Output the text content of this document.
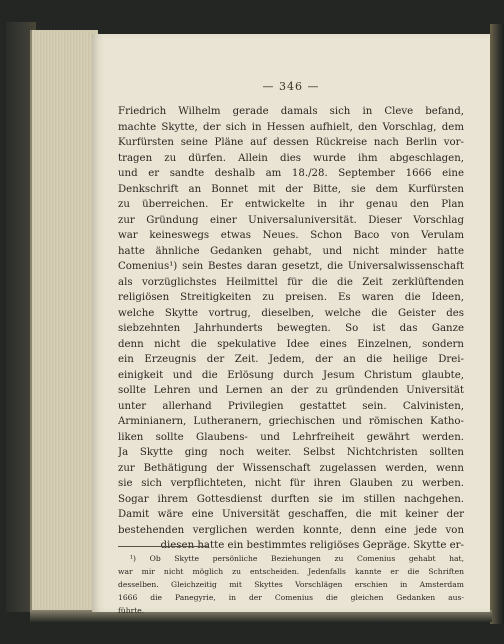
— 346 —
Friedrich Wilhelm gerade damals sich in Cleve befand,
machte Skytte, der sich in Hessen aufhielt, den Vorschlag, dem
Kurfürsten seine Pläne auf dessen Rückreise nach Berlin vor-
tragen zu dürfen. Allein dies wurde ihm abgeschlagen,
und er sandte deshalb am 18./28. September 1666 eine
Denkschrift an Bonnet mit der Bitte, sie dem Kurfürsten
zu überreichen. Er entwickelte in ihr genau den Plan
zur Gründung einer Universaluniversität. Dieser Vorschlag
war keineswegs etwas Neues. Schon Baco von Verulam
hatte ähnliche Gedanken gehabt, und nicht minder hatte
Comenius¹) sein Bestes daran gesetzt, die Universalwissenschaft
als vorzüglichstes Heilmittel für die die Zeit zerklüftenden
religiösen Streitigkeiten zu preisen. Es waren die Ideen,
welche Skytte vortrug, dieselben, welche die Geister des
siebzehnten Jahrhunderts bewegten. So ist das Ganze
denn nicht die spekulative Idee eines Einzelnen, sondern
ein Erzeugnis der Zeit. Jedem, der an die heilige Drei-
einigkeit und die Erlösung durch Jesum Christum glaubte,
sollte Lehren und Lernen an der zu gründenden Universität
unter allerhand Privilegien gestattet sein. Calvinisten,
Arminianern, Lutheranern, griechischen und römischen Katho-
liken sollte Glaubens- und Lehrfreiheit gewährt werden.
Ja Skytte ging noch weiter. Selbst Nichtchristen sollten
zur Bethätigung der Wissenschaft zugelassen werden, wenn
sie sich verpflichteten, nicht für ihren Glauben zu werben.
Sogar ihrem Gottesdienst durften sie im stillen nachgehen.
Damit wäre eine Universität geschaffen, die mit keiner der
bestehenden verglichen werden konnte, denn eine jede von
diesen hatte ein bestimmtes religiöses Gepräge. Skytte er-
¹) Ob Skytte persönliche Beziehungen zu Comenius gehabt hat,
war mir nicht möglich zu entscheiden. Jedenfalls kannte er die Schriften
desselben. Gleichzeitig mit Skyttes Vorschlägen erschien in Amsterdam
1666 die Panegyrie, in der Comenius die gleichen Gedanken aus-
führte.
